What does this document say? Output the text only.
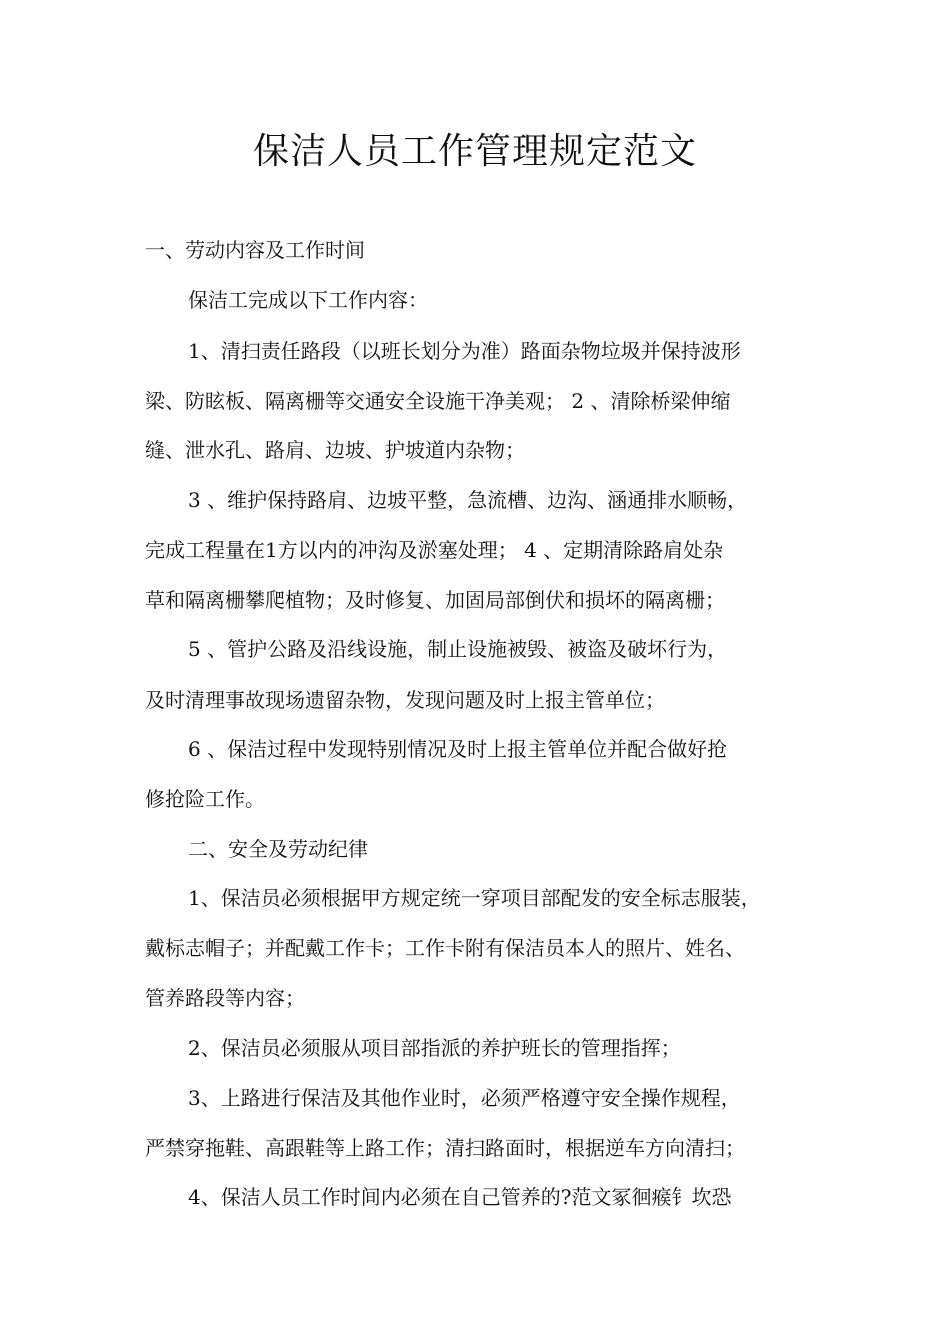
保洁人员工作管理规定范文
一、劳动内容及工作时间
保洁工完成以下工作内容：
1、清扫责任路段（以班长划分为准）路面杂物垃圾并保持波形
梁、防眩板、隔离栅等交通安全设施干净美观； 2 、清除桥梁伸缩
缝、泄水孔、路肩、边坡、护坡道内杂物；
3 、维护保持路肩、边坡平整，急流槽、边沟、涵通排水顺畅，
完成工程量在1方以内的冲沟及淤塞处理； 4 、定期清除路肩处杂
草和隔离栅攀爬植物；及时修复、加固局部倒伏和损坏的隔离栅；
5 、管护公路及沿线设施，制止设施被毁、被盗及破坏行为，
及时清理事故现场遗留杂物，发现问题及时上报主管单位；
6 、保洁过程中发现特别情况及时上报主管单位并配合做好抢
修抢险工作。
二、安全及劳动纪律
1、保洁员必须根据甲方规定统一穿项目部配发的安全标志服装，
戴标志帽子；并配戴工作卡；工作卡附有保洁员本人的照片、姓名、
管养路段等内容；
2、保洁员必须服从项目部指派的养护班长的管理指挥；
3、上路进行保洁及其他作业时，必须严格遵守安全操作规程，
严禁穿拖鞋、高跟鞋等上路工作；清扫路面时，根据逆车方向清扫；
4、保洁人员工作时间内必须在自己管养的?范文冢徊瘊钅坎恐
